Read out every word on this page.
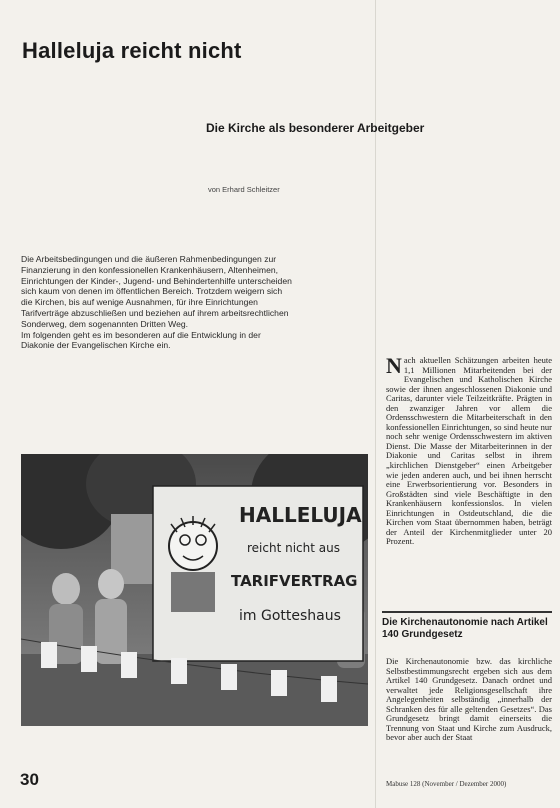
Halleluja reicht nicht
Die Kirche als besonderer Arbeitgeber
von Erhard Schleitzer

Die Arbeitsbedingungen und die äußeren Rahmenbedingungen zur

Finanzierung in den konfessionellen Krankenhäusern, Altenheimen,

Einrichtungen der Kinder-, Jugend- und Behindertenhilfe unterscheiden

sich kaum von denen im öffentlichen Bereich. Trotzdem weigern sich

die Kirchen, bis auf wenige Ausnahmen, für ihre Einrichtungen

Tarifverträge abzuschließen und beziehen auf ihrem arbeitsrechtlichen

Sonderweg, dem sogenannten Dritten Weg.

Im folgenden geht es im besonderen auf die Entwicklung in der

Diakonie der Evangelischen Kirche ein.

N ach aktuellen Schätzungen arbeiten heute 1,1 Millionen Mitarbeitenden bei der Evangelischen und Katholischen Kirche sowie der ihnen angeschlossenen Diakonie und Caritas, darunter viele Teilzeitkräfte. Prägten in den zwanziger Jahren vor allem die Ordensschwestern die Mitarbeiterschaft in den konfessionellen Einrichtungen, so sind heute nur noch sehr wenige Ordensschwestern im aktiven Dienst. Die Masse der Mitarbeiterinnen in der Diakonie und Caritas selbst in ihrem „kirchlichen Dienstgeber“ einen Arbeitgeber wie jeden anderen auch, und bei ihnen herrscht eine Erwerbsorientierung vor. Besonders in Großstädten sind viele Beschäftigte in den Krankenhäusern konfessionslos. In vielen Einrichtungen in Ostdeutschland, die die Kirchen vom Staat übernommen haben, beträgt der Anteil der Kirchenmitglieder unter 20 Prozent.
Die Kirchenautonomie nach Artikel 140 Grundgesetz

Die Kirchenautonomie bzw. das kirchliche Selbstbestimmungsrecht ergeben sich aus dem Artikel 140 Grundgesetz. Danach ordnet und verwaltet jede Religionsgesellschaft ihre Angelegenheiten selbständig „innerhalb der Schranken des für alle geltenden Gesetzes“. Das Grundgesetz bringt damit einerseits die Trennung von Staat und Kirche zum Ausdruck, bevor aber auch der Staat

HALLELUJA
reicht nicht aus
TARIFVERTRAG
im Gotteshaus
30	Mabuse 128 (November / Dezember 2000)
